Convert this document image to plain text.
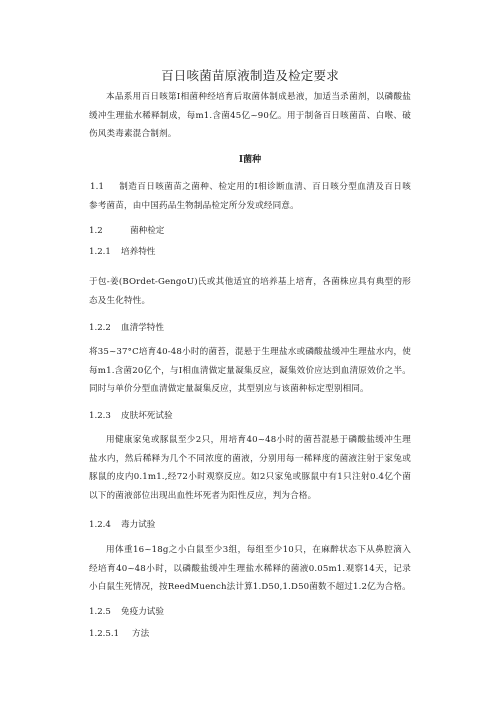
百日咳菌苗原液制造及检定要求

本品系用百日咳第I相菌种经培育后取菌体制成悬液，加适当杀菌剂，以磷酸盐缓冲生理盐水稀释制成，每m1.含菌45亿~90亿。用于制备百日咳菌苗、白喉、破伤风类毒素混合制剂。

I菌种

1.1 制造百日咳菌苗之菌种、检定用的I相诊断血清、百日咳分型血清及百日咳参考菌苗，由中国药品生物制品检定所分发或经同意。

1.2	菌种检定
1.2.1 培养特性

于包-姜(BOrdet-GengoU)氏或其他适宜的培养基上培育，各菌株应具有典型的形态及生化特性。

1.2.2 血清学特性

将35~37°C培育40-48小时的菌苔，混悬于生理盐水或磷酸盐缓冲生理盐水内，使每m1.含菌20亿个，与I相血清做定量凝集反应，凝集效价应达到血清原效价之半。同时与单价分型血清做定量凝集反应，其型别应与该菌种标定型别相同。

1.2.3 皮肤坏死试验

用健康家兔或豚鼠至少2只，用培育40~48小时的菌苔混悬于磷酸盐缓冲生理盐水内，然后稀释为几个不同浓度的菌液，分别用每一稀释度的菌液注射于家兔或豚鼠的皮内0.1m1.,经72小时观察反应。如2只家兔或豚鼠中有1只注射0.4亿个菌以下的菌液部位出现出血性坏死者为阳性反应，判为合格。

1.2.4 毒力试验

用体重16~18g之小白鼠至少3组，每组至少10只，在麻醉状态下从鼻腔滴入经培育40~48小时，以磷酸盐缓冲生理盐水稀释的菌液0.05m1.观察14天，记录小白鼠生死情况，按ReedMuench法计算1.D50,1.D50菌数不超过1.2亿为合格。

1.2.5 免疫力试验
1.2.5.1 方法
